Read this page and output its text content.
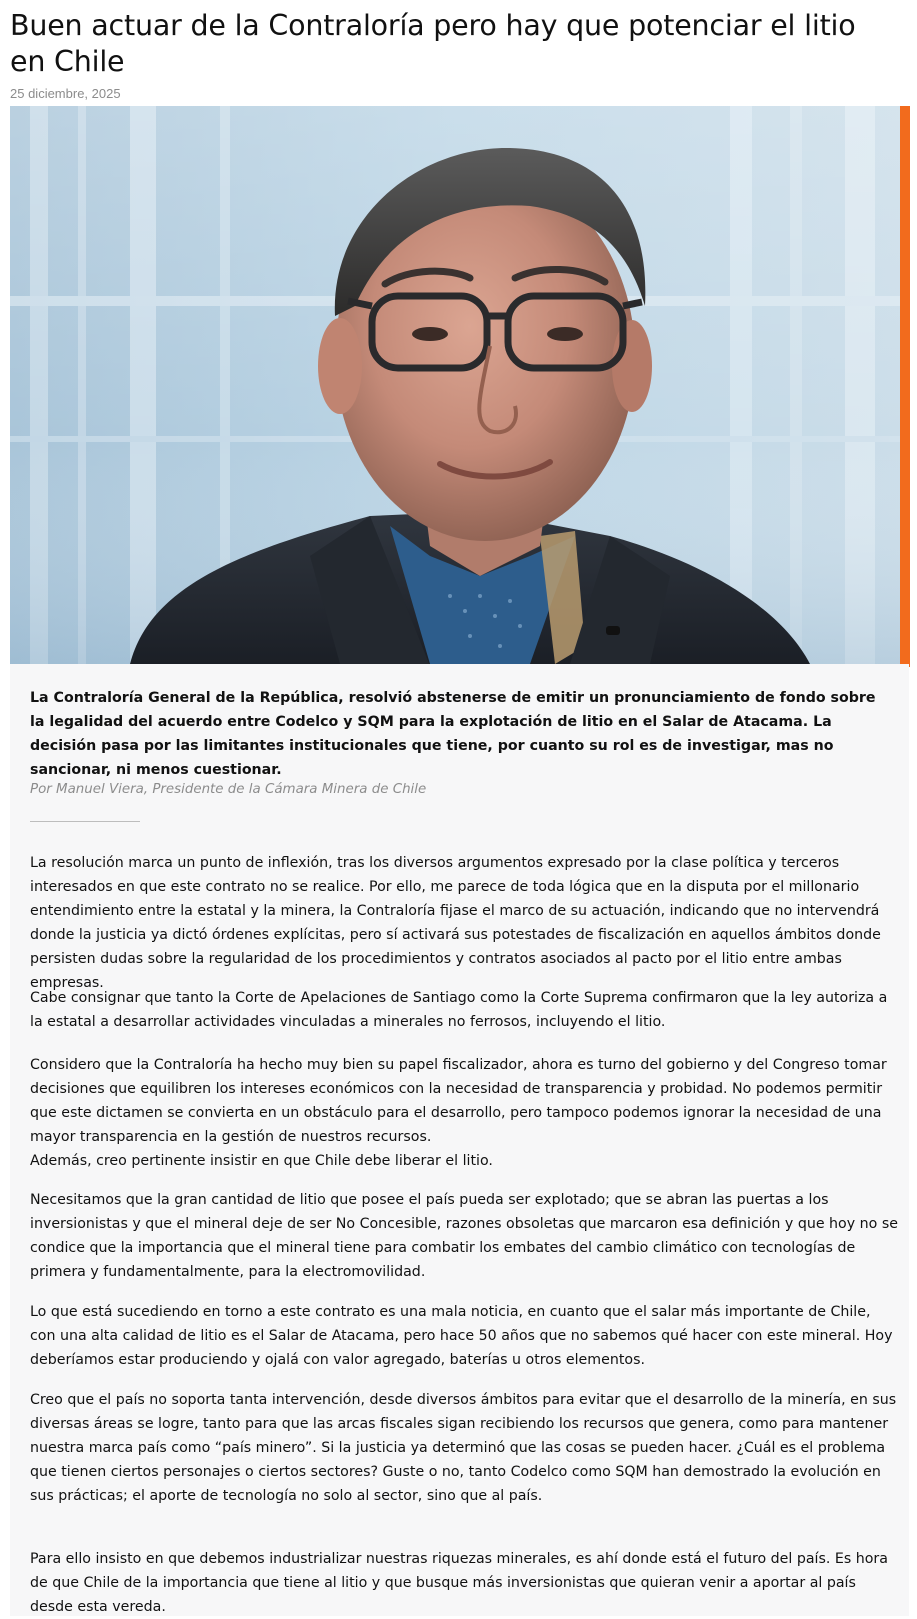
Buen actuar de la Contraloría pero hay que potenciar el litio en Chile
25 diciembre, 2025

La Contraloría General de la República, resolvió abstenerse de emitir un pronunciamiento de fondo sobre la legalidad del acuerdo entre Codelco y SQM para la explotación de litio en el Salar de Atacama. La decisión pasa por las limitantes institucionales que tiene, por cuanto su rol es de investigar, mas no sancionar, ni menos cuestionar.

Por Manuel Viera, Presidente de la Cámara Minera de Chile

La resolución marca un punto de inflexión, tras los diversos argumentos expresado por la clase política y terceros interesados en que este contrato no se realice. Por ello, me parece de toda lógica que en la disputa por el millonario entendimiento entre la estatal y la minera, la Contraloría fijase el marco de su actuación, indicando que no intervendrá donde la justicia ya dictó órdenes explícitas, pero sí activará sus potestades de fiscalización en aquellos ámbitos donde persisten dudas sobre la regularidad de los procedimientos y contratos asociados al pacto por el litio entre ambas empresas.

Cabe consignar que tanto la Corte de Apelaciones de Santiago como la Corte Suprema confirmaron que la ley autoriza a la estatal a desarrollar actividades vinculadas a minerales no ferrosos, incluyendo el litio.

Considero que la Contraloría ha hecho muy bien su papel fiscalizador, ahora es turno del gobierno y del Congreso tomar decisiones que equilibren los intereses económicos con la necesidad de transparencia y probidad. No podemos permitir que este dictamen se convierta en un obstáculo para el desarrollo, pero tampoco podemos ignorar la necesidad de una mayor transparencia en la gestión de nuestros recursos.
Además, creo pertinente insistir en que Chile debe liberar el litio.

Necesitamos que la gran cantidad de litio que posee el país pueda ser explotado; que se abran las puertas a los inversionistas y que el mineral deje de ser No Concesible, razones obsoletas que marcaron esa definición y que hoy no se condice que la importancia que el mineral tiene para combatir los embates del cambio climático con tecnologías de primera y fundamentalmente, para la electromovilidad.

Lo que está sucediendo en torno a este contrato es una mala noticia, en cuanto que el salar más importante de Chile, con una alta calidad de litio es el Salar de Atacama, pero hace 50 años que no sabemos qué hacer con este mineral. Hoy deberíamos estar produciendo y ojalá con valor agregado, baterías u otros elementos.

Creo que el país no soporta tanta intervención, desde diversos ámbitos para evitar que el desarrollo de la minería, en sus diversas áreas se logre, tanto para que las arcas fiscales sigan recibiendo los recursos que genera, como para mantener nuestra marca país como “país minero”. Si la justicia ya determinó que las cosas se pueden hacer. ¿Cuál es el problema que tienen ciertos personajes o ciertos sectores? Guste o no, tanto Codelco como SQM han demostrado la evolución en sus prácticas; el aporte de tecnología no solo al sector, sino que al país.

Para ello insisto en que debemos industrializar nuestras riquezas minerales, es ahí donde está el futuro del país. Es hora de que Chile de la importancia que tiene al litio y que busque más inversionistas que quieran venir a aportar al país desde esta vereda.
